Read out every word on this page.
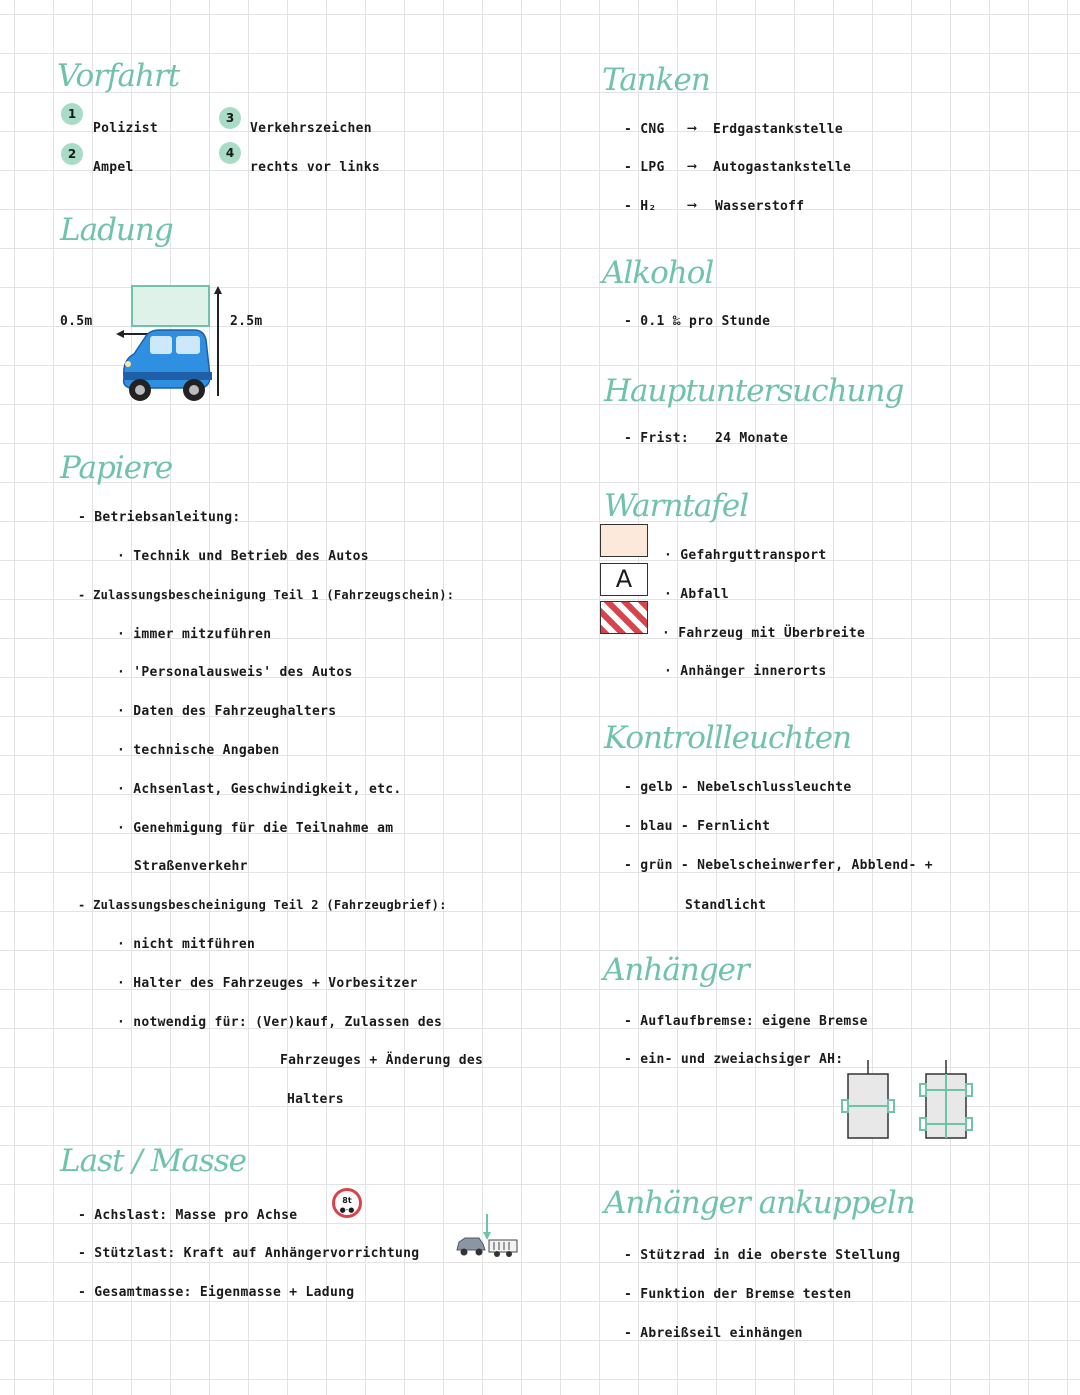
Vorfahrt
1
Polizist
2
Ampel
3
Verkehrszeichen
4
rechts vor links
Ladung
0.5m	2.5m
Papiere
- Betriebsanleitung:
· Technik und Betrieb des Autos
- Zulassungsbescheinigung Teil 1 (Fahrzeugschein):
· immer mitzuführen
· 'Personalausweis' des Autos
· Daten des Fahrzeughalters
· technische Angaben
· Achsenlast, Geschwindigkeit, etc.
· Genehmigung für die Teilnahme am
Straßenverkehr
- Zulassungsbescheinigung Teil 2 (Fahrzeugbrief):
· nicht mitführen
· Halter des Fahrzeuges + Vorbesitzer
· notwendig für: (Ver)kauf, Zulassen des
Fahrzeuges + Änderung des
Halters
Last / Masse
- Achslast: Masse pro Achse
- Stützlast: Kraft auf Anhängervorrichtung
- Gesamtmasse: Eigenmasse + Ladung
8t
●-●
Tanken
- CNG ⟶ Erdgastankstelle
- LPG ⟶ Autogastankstelle
- H₂ ⟶ Wasserstoff
Alkohol
- 0.1 ‰ pro Stunde
Hauptuntersuchung
- Frist: 24 Monate
Warntafel
A
· Gefahrguttransport
· Abfall
· Fahrzeug mit Überbreite
· Anhänger innerorts
Kontrollleuchten
- gelb - Nebelschlussleuchte
- blau - Fernlicht
- grün - Nebelscheinwerfer, Abblend- +
Standlicht
Anhänger
- Auflaufbremse: eigene Bremse
- ein- und zweiachsiger AH:
Anhänger ankuppeln
- Stützrad in die oberste Stellung
- Funktion der Bremse testen
- Abreißseil einhängen
